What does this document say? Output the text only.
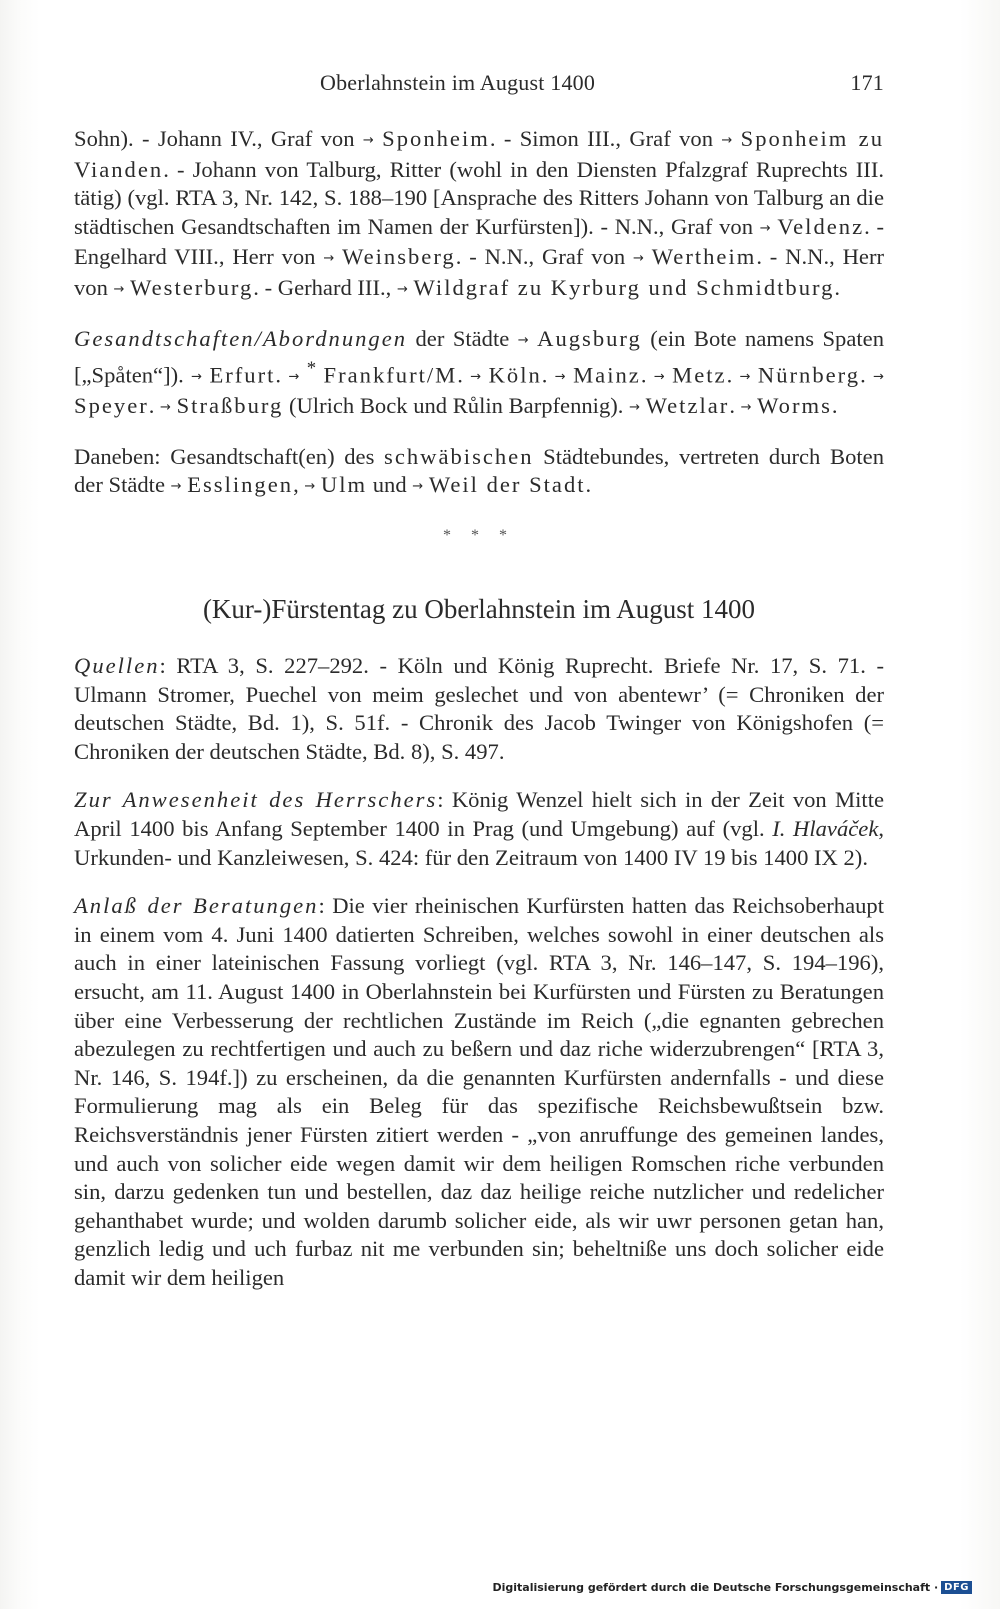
Oberlahnstein im August 1400	171

Sohn). - Johann IV., Graf von → Sponheim. - Simon III., Graf von → Sponheim zu Vianden. - Johann von Talburg, Ritter (wohl in den Diensten Pfalzgraf Ruprechts III. tätig) (vgl. RTA 3, Nr. 142, S. 188–190 [Ansprache des Ritters Johann von Talburg an die städtischen Gesandtschaften im Namen der Kurfürsten]). - N.N., Graf von → Veldenz. - Engelhard VIII., Herr von → Weinsberg. - N.N., Graf von → Wertheim. - N.N., Herr von → Westerburg. - Gerhard III., → Wildgraf zu Kyrburg und Schmidtburg.

Gesandtschaften/Abordnungen der Städte → Augsburg (ein Bote namens Spaten [„Spåten“]). → Erfurt. → * Frankfurt/M. → Köln. → Mainz. → Metz. → Nürnberg. → Speyer. → Straßburg (Ulrich Bock und Růlin Barpfennig). → Wetzlar. → Worms.

Daneben: Gesandtschaft(en) des schwäbischen Städtebundes, vertreten durch Boten der Städte → Esslingen, → Ulm und → Weil der Stadt.

* * *
(Kur-)Fürstentag zu Oberlahnstein im August 1400

Quellen: RTA 3, S. 227–292. - Köln und König Ruprecht. Briefe Nr. 17, S. 71. - Ulmann Stromer, Puechel von meim geslechet und von abentewr’ (= Chroniken der deutschen Städte, Bd. 1), S. 51f. - Chronik des Jacob Twinger von Königshofen (= Chroniken der deutschen Städte, Bd. 8), S. 497.

Zur Anwesenheit des Herrschers: König Wenzel hielt sich in der Zeit von Mitte April 1400 bis Anfang September 1400 in Prag (und Umgebung) auf (vgl. I. Hlaváček, Urkunden- und Kanzleiwesen, S. 424: für den Zeitraum von 1400 IV 19 bis 1400 IX 2).

Anlaß der Beratungen: Die vier rheinischen Kurfürsten hatten das Reichsoberhaupt in einem vom 4. Juni 1400 datierten Schreiben, welches sowohl in einer deutschen als auch in einer lateinischen Fassung vorliegt (vgl. RTA 3, Nr. 146–147, S. 194–196), ersucht, am 11. August 1400 in Oberlahnstein bei Kurfürsten und Fürsten zu Beratungen über eine Verbesserung der rechtlichen Zustände im Reich („die egnanten gebrechen abezulegen zu rechtfertigen und auch zu beßern und daz riche widerzubrengen“ [RTA 3, Nr. 146, S. 194f.]) zu erscheinen, da die genannten Kurfürsten andernfalls - und diese Formulierung mag als ein Beleg für das spezifische Reichsbewußtsein bzw. Reichsverständnis jener Fürsten zitiert werden - „von anruffunge des gemeinen landes, und auch von solicher eide wegen damit wir dem heiligen Romschen riche verbunden sin, darzu gedenken tun und bestellen, daz daz heilige reiche nutzlicher und redelicher gehanthabet wurde; und wolden darumb solicher eide, als wir uwr personen getan han, genzlich ledig und uch furbaz nit me verbunden sin; beheltniße uns doch solicher eide damit wir dem heiligen

Digitalisierung gefördert durch die Deutsche Forschungsgemeinschaft · DFG
